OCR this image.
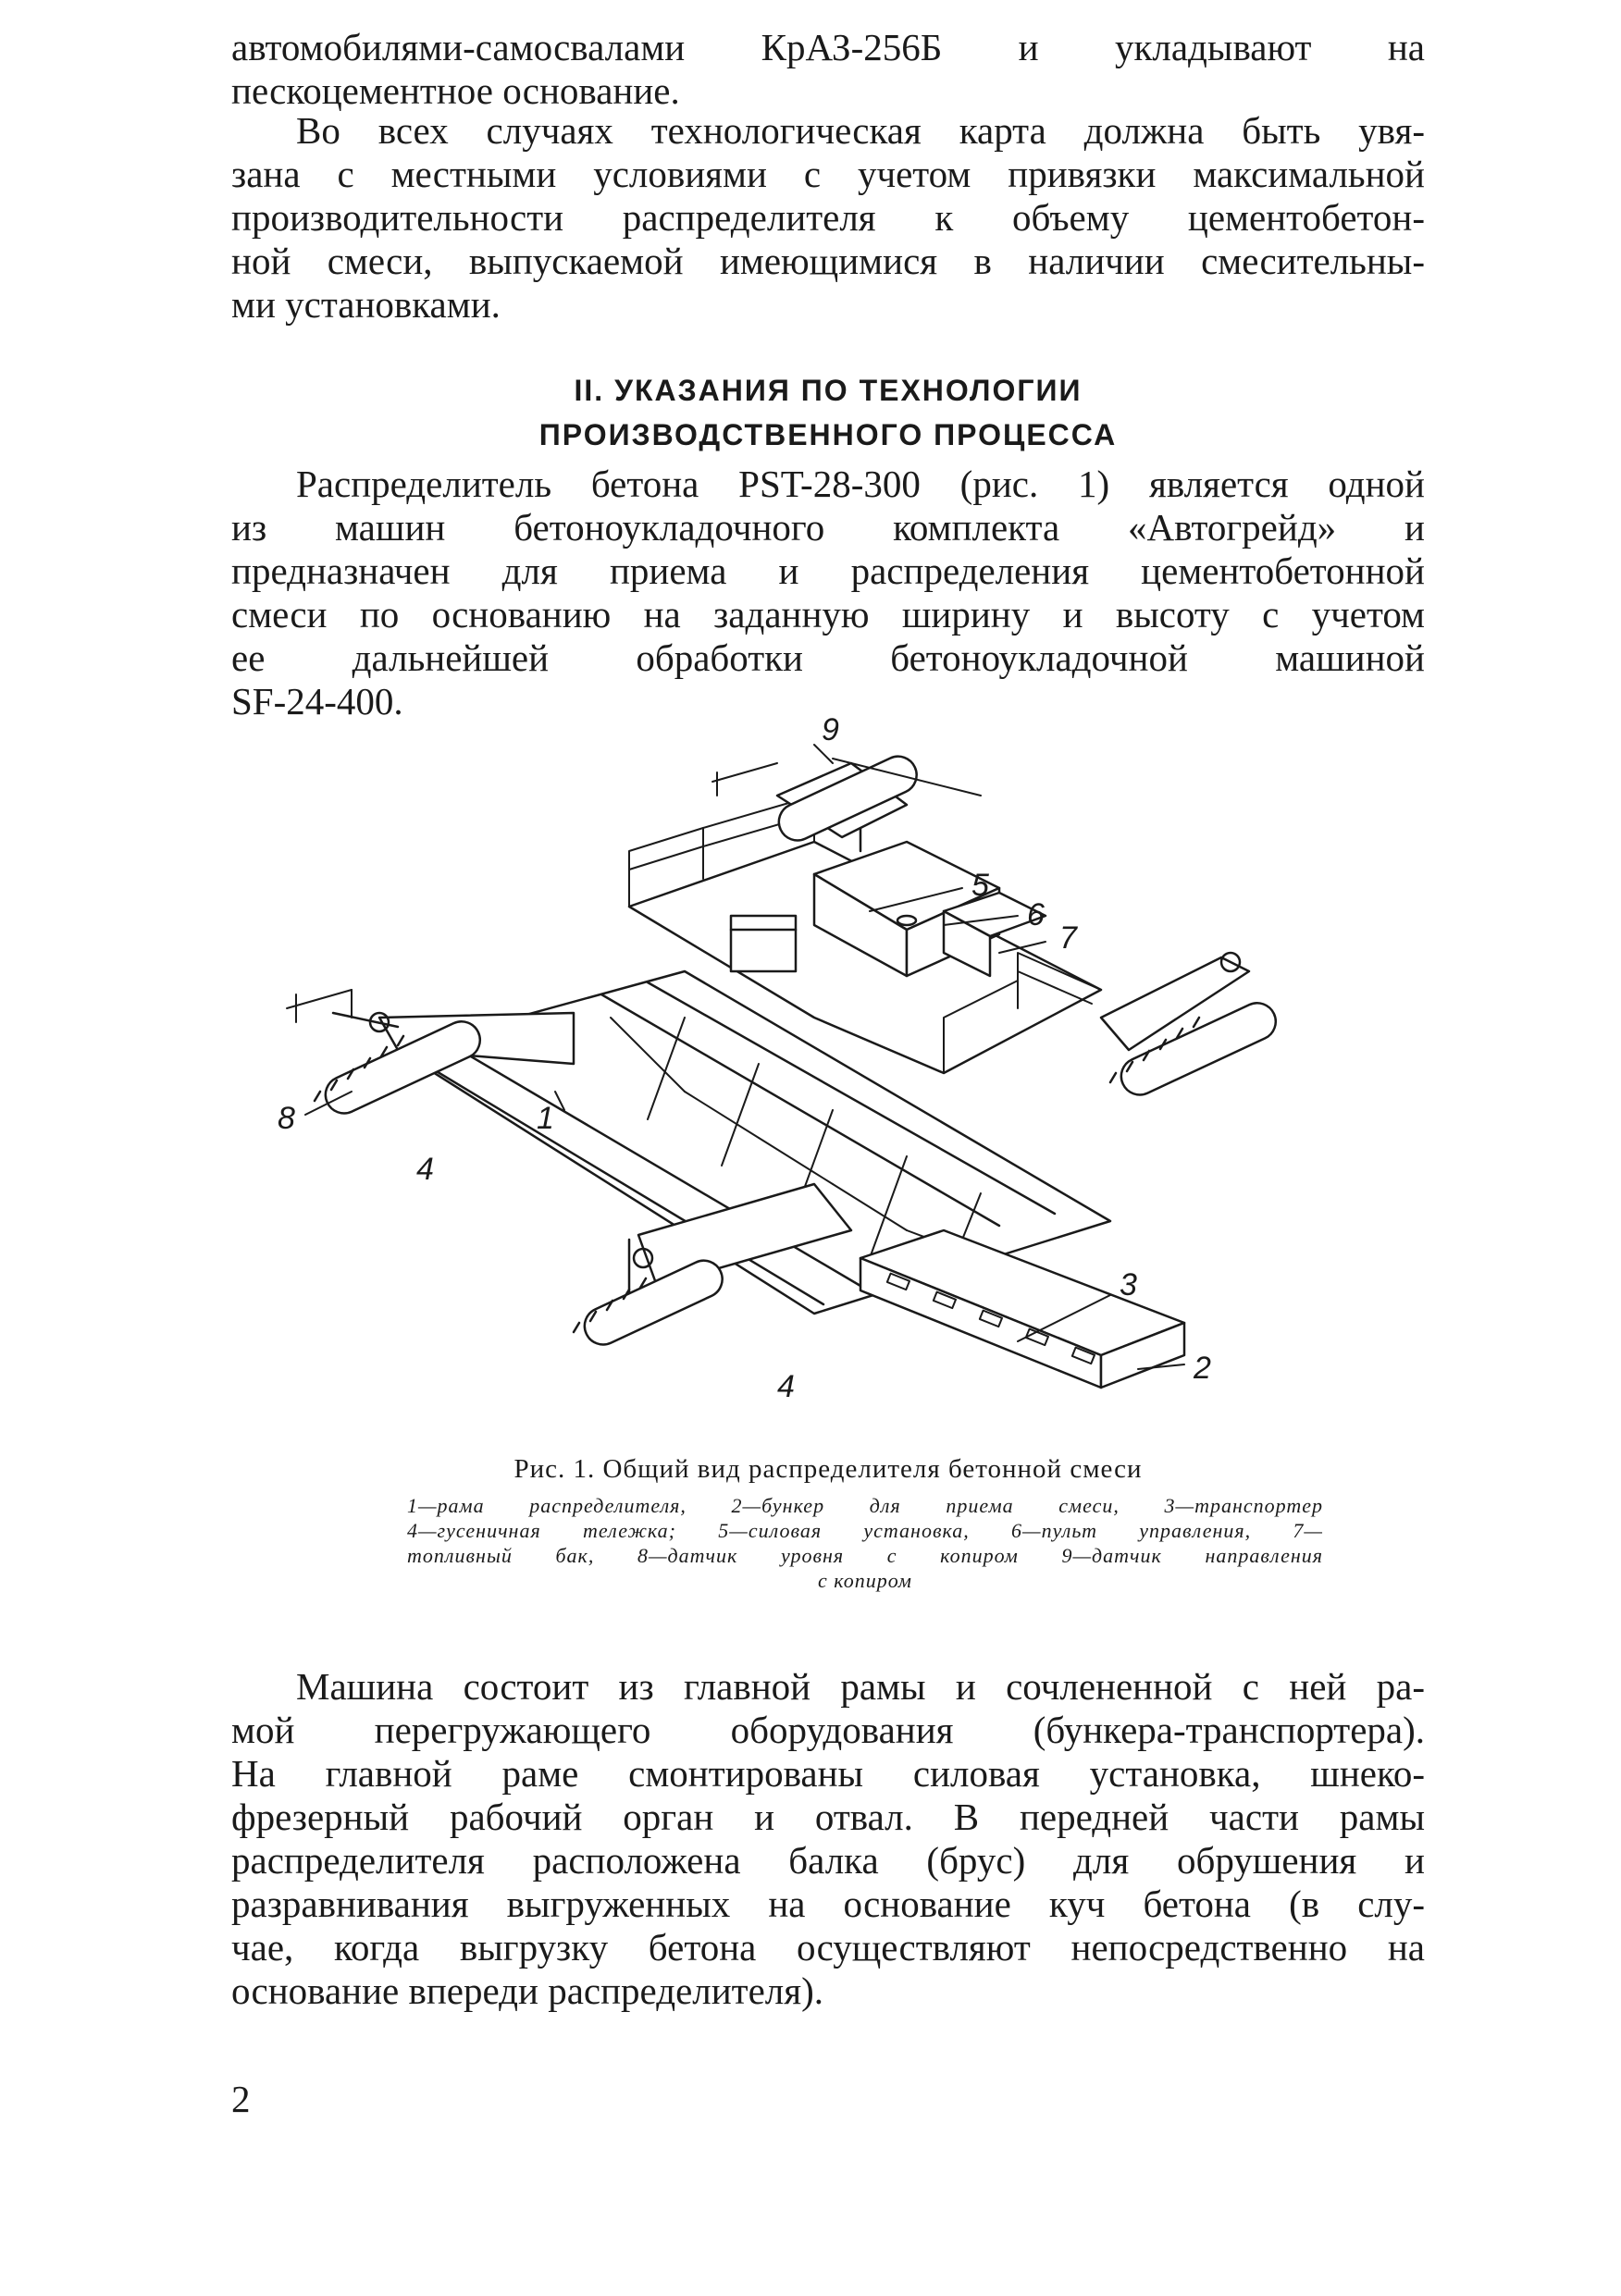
автомобилями-самосвалами КрАЗ-256Б и укладывают на
пескоцементное основание.
Во всех случаях технологическая карта должна быть увя-
зана с местными условиями с учетом привязки максимальной
производительности распределителя к объему цементобетон-
ной смеси, выпускаемой имеющимися в наличии смесительны-
ми установками.
II. УКАЗАНИЯ ПО ТЕХНОЛОГИИ
ПРОИЗВОДСТВЕННОГО ПРОЦЕССА
Распределитель бетона PST-28-300 (рис. 1) является одной
из машин бетоноукладочного комплекта «Автогрейд» и
предназначен для приема и распределения цементобетонной
смеси по основанию на заданную ширину и высоту с учетом
ее дальнейшей обработки бетоноукладочной машиной
SF-24-400.
9
5
6
7
8	1
4
3
2
4
Рис. 1. Общий вид распределителя бетонной смеси
1—рама распределителя, 2—бункер для приема смеси, 3—транспортер
4—гусеничная тележка; 5—силовая установка, 6—пульт управления, 7—
топливный бак, 8—датчик уровня с копиром 9—датчик направления
с копиром
Машина состоит из главной рамы и сочлененной с ней ра-
мой перегружающего оборудования (бункера-транспортера).
На главной раме смонтированы силовая установка, шнеко-
фрезерный рабочий орган и отвал. В передней части рамы
распределителя расположена балка (брус) для обрушения и
разравнивания выгруженных на основание куч бетона (в слу-
чае, когда выгрузку бетона осуществляют непосредственно на
основание впереди распределителя).
2
